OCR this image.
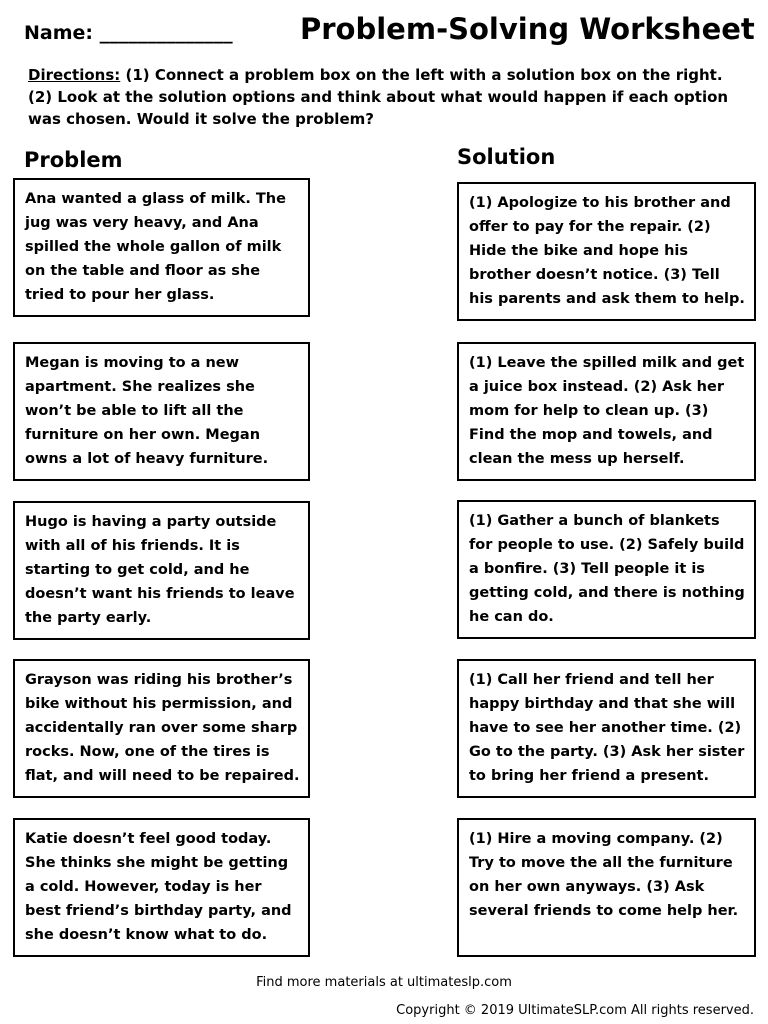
Name: ______________ Problem-Solving Worksheet
Directions: (1) Connect a problem box on the left with a solution box on the right. (2) Look at the solution options and think about what would happen if each option was chosen. Would it solve the problem?
Problem	Solution
Ana wanted a glass of milk. The jug was very heavy, and Ana spilled the whole gallon of milk on the table and floor as she tried to pour her glass.
Megan is moving to a new apartment. She realizes she won’t be able to lift all the furniture on her own. Megan owns a lot of heavy furniture.
Hugo is having a party outside with all of his friends. It is starting to get cold, and he doesn’t want his friends to leave the party early.
Grayson was riding his brother’s bike without his permission, and accidentally ran over some sharp rocks. Now, one of the tires is flat, and will need to be repaired.
Katie doesn’t feel good today. She thinks she might be getting a cold. However, today is her best friend’s birthday party, and she doesn’t know what to do.
(1) Apologize to his brother and offer to pay for the repair. (2) Hide the bike and hope his brother doesn’t notice. (3) Tell his parents and ask them to help.
(1) Leave the spilled milk and get a juice box instead. (2) Ask her mom for help to clean up. (3) Find the mop and towels, and clean the mess up herself.
(1) Gather a bunch of blankets for people to use. (2) Safely build a bonfire. (3) Tell people it is getting cold, and there is nothing he can do.
(1) Call her friend and tell her happy birthday and that she will have to see her another time. (2) Go to the party. (3) Ask her sister to bring her friend a present.
(1) Hire a moving company. (2) Try to move the all the furniture on her own anyways. (3) Ask several friends to come help her.
Find more materials at ultimateslp.com
Copyright © 2019 UltimateSLP.com All rights reserved.
